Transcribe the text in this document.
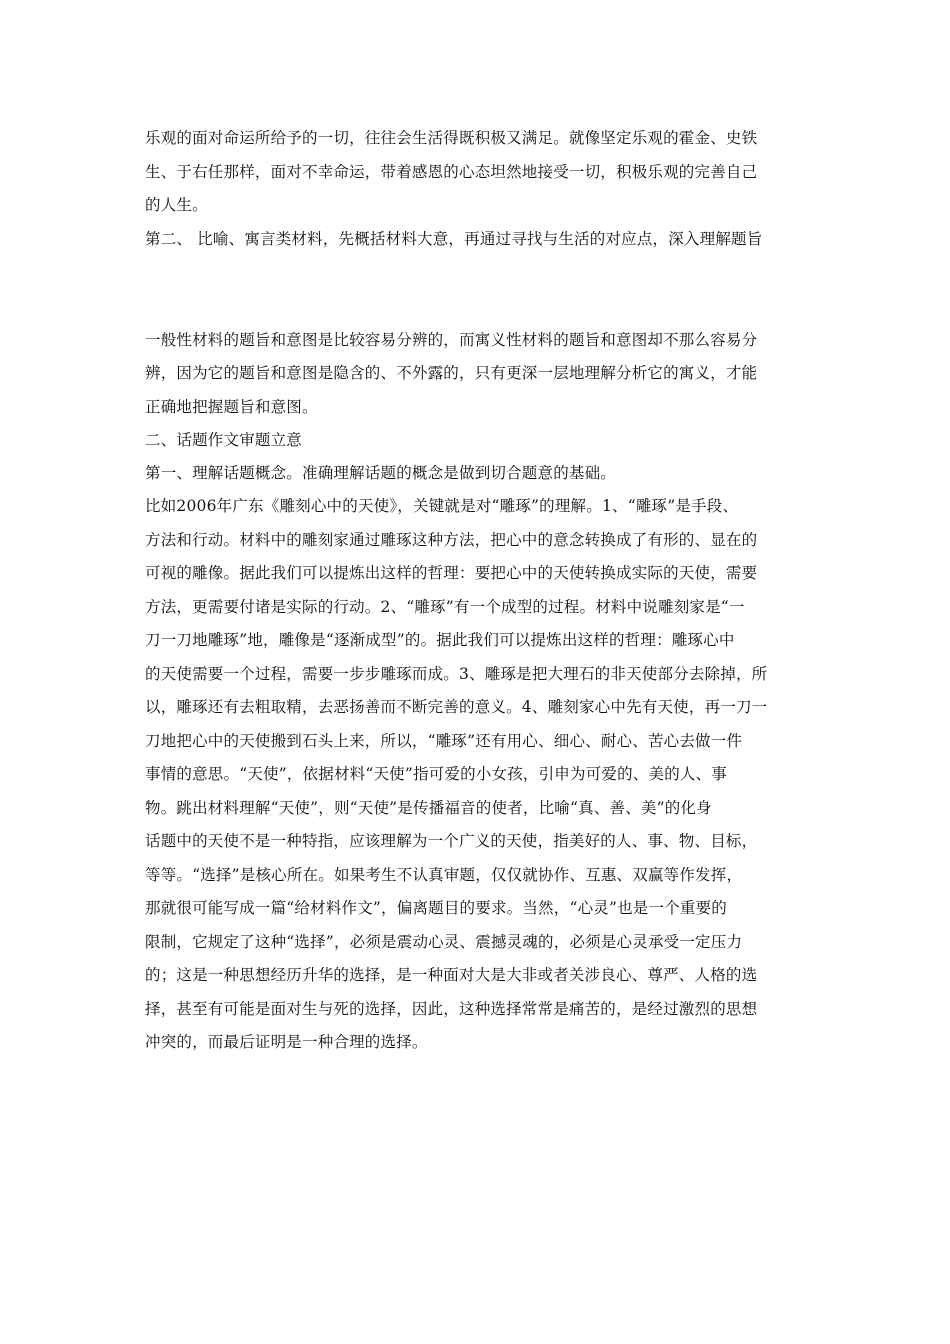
乐观的面对命运所给予的一切，往往会生活得既积极又满足。就像坚定乐观的霍金、史铁
生、于右任那样，面对不幸命运，带着感恩的心态坦然地接受一切，积极乐观的完善自己
的人生。

第二、 比喻、寓言类材料，先概括材料大意，再通过寻找与生活的对应点，深入理解题旨

一般性材料的题旨和意图是比较容易分辨的，而寓义性材料的题旨和意图却不那么容易分
辨，因为它的题旨和意图是隐含的、不外露的，只有更深一层地理解分析它的寓义，才能
正确地把握题旨和意图。

二、话题作文审题立意

第一、理解话题概念。准确理解话题的概念是做到切合题意的基础。

比如2006年广东《雕刻心中的天使》，关键就是对“雕琢”的理解。1、“雕琢”是手段、
方法和行动。材料中的雕刻家通过雕琢这种方法，把心中的意念转换成了有形的、显在的
可视的雕像。据此我们可以提炼出这样的哲理：要把心中的天使转换成实际的天使，需要
方法，更需要付诸是实际的行动。2、“雕琢”有一个成型的过程。材料中说雕刻家是“一
刀一刀地雕琢”地，雕像是“逐渐成型”的。据此我们可以提炼出这样的哲理：雕琢心中
的天使需要一个过程，需要一步步雕琢而成。3、雕琢是把大理石的非天使部分去除掉，所
以，雕琢还有去粗取精，去恶扬善而不断完善的意义。4、雕刻家心中先有天使，再一刀一
刀地把心中的天使搬到石头上来，所以，“雕琢”还有用心、细心、耐心、苦心去做一件
事情的意思。“天使”，依据材料“天使”指可爱的小女孩，引申为可爱的、美的人、事
物。跳出材料理解“天使”，则“天使”是传播福音的使者，比喻“真、善、美”的化身
话题中的天使不是一种特指，应该理解为一个广义的天使，指美好的人、事、物、目标，
等等。“选择”是核心所在。如果考生不认真审题，仅仅就协作、互惠、双赢等作发挥，
那就很可能写成一篇“给材料作文”，偏离题目的要求。当然，“心灵”也是一个重要的
限制，它规定了这种“选择”，必须是震动心灵、震撼灵魂的，必须是心灵承受一定压力
的；这是一种思想经历升华的选择，是一种面对大是大非或者关涉良心、尊严、人格的选
择，甚至有可能是面对生与死的选择，因此，这种选择常常是痛苦的，是经过激烈的思想
冲突的，而最后证明是一种合理的选择。
